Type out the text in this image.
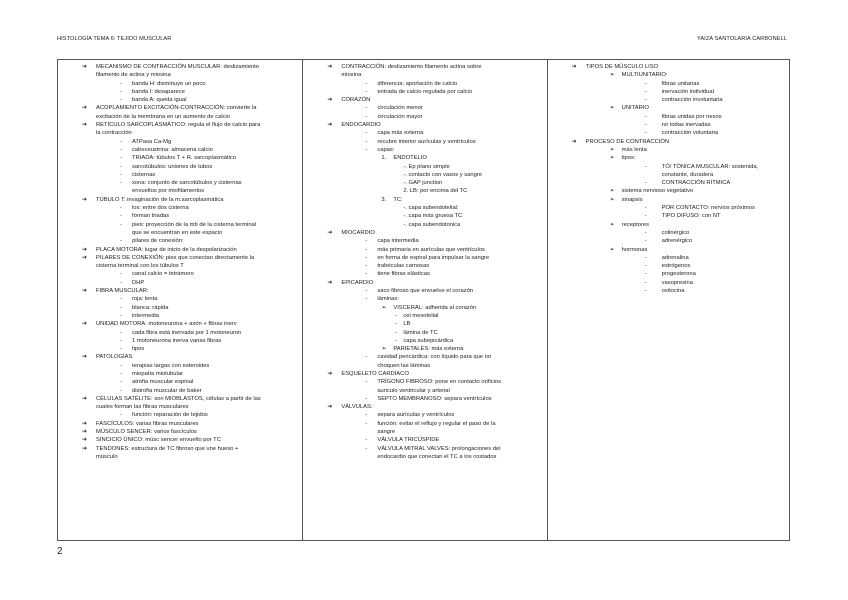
HISTOLOGÍA TEMA 6: TEJIDO MUSCULAR	YAIZA SANTOLARIA CARBONELL
➔ MECANISMO DE CONTRACCIÓN MUSCULAR: deslizamiento
filamento de actina y miosina
- banda H: disminuye un poco
- banda I: desaparece
- banda A: queda igual
➔ ACOPLAMIENTO EXCITACIÓN-CONTRACCIÓN: convierte la
excitación de la membrana en un aumento de calcio
➔ RETÍCULO SARCOPLASMÁTICO: regula el flujo de calcio para
la contracción
- ATPasa Ca-Mg
- cabeceustrina: almacena calcio
- TRIADA: túbulos T + R. sarcoplasmático
- sarcotúbulos: uniones de tubos
- cisternas
- xona: conjunto de sarcotúbulos y cisternas
envueltos por miofilamentos
➔ TÚBULO T: invaginación de la m.sarcoplasmática
- los: entre dos cisterna
- forman triadas
- pies: proyección de la mb de la cisterna terminal
que se encuentran en este espacio
- pilares de conexión:
➔ PLACA MOTORA: lugar de inicio de la despolarización
➔ PILARES DE CONEXIÓN: pies que conectan directamente la
cisterna terminal con los túbulos T
- canal calcio = tetrámero
- DHP
➔ FIBRA MUSCULAR:
- roja: lenta
- blanca: rápida
- intermedia
➔ UNIDAD MOTORA: motoneurona + axón + fibras inerv
- cada fibra está inervada por 1 motoneuron
- 1 motoneurona inerva varias fibras
- tipos
➔ PATOLOGÍAS
- terapias largas con esteroides
- miopatía miotubular
- atrofia muscular espinal
- distrofia muscular de baker
➔ CÉLULAS SATÉLITE: son MIOBLASTOS, células a partir de las
cuales forman las fibras musculares
- función: reparación de tejidos
➔ FASCÍCULOS: varias fibras musculares
➔ MÚSCULO SENCER: varios fascículos
➔ SINCICIO ÚNICO: músc sencer envuelto por TC
➔ TENDONES: estructura de TC fibroso que une hueso +
músculo
➔ CONTRACCIÓN: deslizamiento filamento actina sobre
miosina
- diferencia: aportación de calcio
- entrada de calcio regulada por calcio
➔ CORAZÓN
- circulación menor
- circulación mayor
➔ ENDOCARDIO
- capa más externa
- recubre interior aurículas y ventrículos
- capas:
1. ENDOTELIO
-. Ep plano simple
-. contacto con vasos y sangre
-. GAP junction
2. LB: por encima del TC
3. TC:
-. capa subendotelial:
-. capa más gruesa TC
-. capa subendotonica
➔ MIOCARDIO
- capa intermedia
- más primaria en aurículas que ventrículos
- en forma de espiral para impulsar la sangre
- trabéculas carnosas
- tiene fibras elásticas
➔ EPICARDIO
- saco fibroso que envuelve el corazón
- láminas:
➢ VISCERAL: adherida al corazón
- cel mesotelial
- LB
- lámina de TC
- capa subepicárdica
➢ PARIETALES: más externa
- cavidad pericárdica: con líquido para que no
choquen las láminas
➔ ESQUELETO CARDÍACO
- TRÍGONO FIBROSO: pone en contacto orificios
auriculo ventricular y arterial
- SEPTO MEMBRANOSO: separa ventrículos
➔ VÁLVULAS:
- separa aurículas y ventrículos
- función: evitar el reflujo y regular el paso de la
sangre
- VÁLVULA TRICÚSPIDE
- VÁLVULA MITRAL VALVES: prolongaciones del
endocardio que conectan el TC a los costados
➔ TIPOS DE MÚSCULO LISO
➢ MULTIUNITARIO:
-	fibras unitarias
-	inervación individual
-	contracción involuntaria
➢ UNITARIO
-	fibras unidas por nexos
-	no todas inervadas
-	contracción voluntaria
➔ PROCESO DE CONTRACCIÓN
➢ más lenta
➢ tipos:
-	TÓ/ TÓNICA MUSCULAR: sostenida,
constante, duradera
-	CONTRACCIÓN RÍTMICA
➢ sistema nervioso vegetativo
➢ sinapsis
-	POR CONTACTO: nervios próximos
-	TIPO DIFUSO: con NT
➢ receptores
-	colinérgico
-	adrenérgico
➢ hormonas
-	adrenalina
-	estrógenos
-	progesterona
-	vasopresina
-	oxitocina
2
